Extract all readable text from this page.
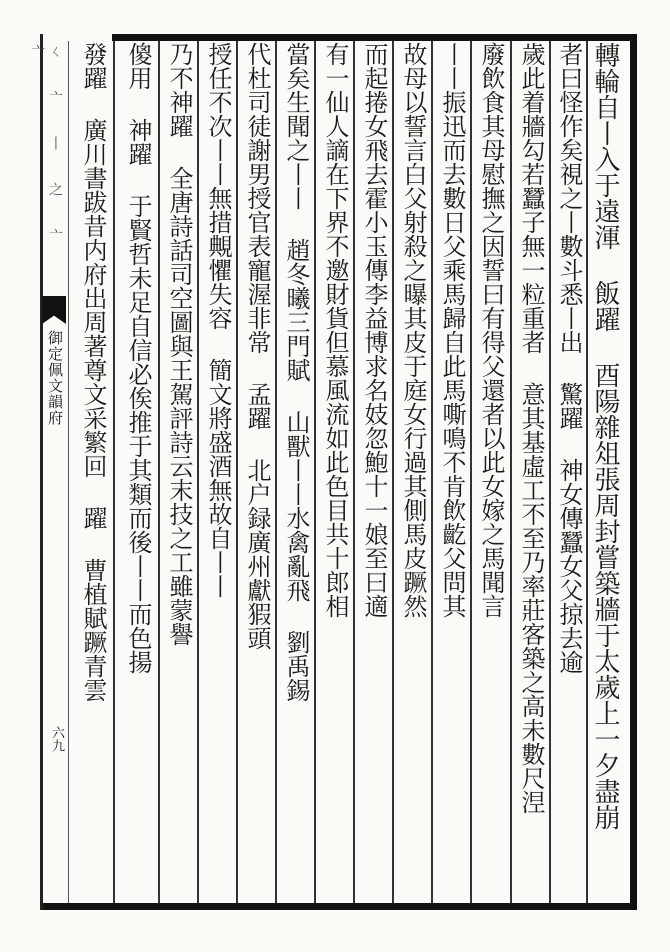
ㄑ 亠 丨 之 亠 亠
御定佩文韻府
六九	轉輪自丨入于遠渾 飯躍 酉陽雜俎張周封嘗築牆于太歲上一夕盡崩
者曰怪作矣視之丨數斗悉丨出 驚躍 神女傳蠶女父掠去逾
歲此着牆勾若蠶子無一粒重者 意其基虛工不至乃率莊客築之高未數尺𣵀
廢飲食其母慰撫之因誓曰有得父還者以此女嫁之馬聞言
丨丨振迅而去數日父乘馬歸自此馬嘶鳴不肯飲齕父問其
故母以誓言白父射殺之曝其皮于庭女行過其側馬皮蹶然
而起捲女飛去霍小玉傳李益博求名妓忽鮑十一娘至曰適
有一仙人謫在下界不邀財貨但慕風流如此色目共十郎相
當矣生聞之丨丨 趙冬曦三門賦 山獸丨丨水禽亂飛 劉禹錫
代杜司徒謝男授官表寵渥非常 孟躍 北户録廣州獻猳頭
授任不次丨丨無措覥懼失容 簡文將盛酒無故自丨丨
乃不神躍 全唐詩話司空圖與王駕評詩云末技之工雖蒙譽
傻用 神躍 于賢哲未足自信必俟推于其類而後丨丨而色揚
發躍 廣川書跋昔内府出周著尊文采繁回 躍 曹植賦蹶青雲
